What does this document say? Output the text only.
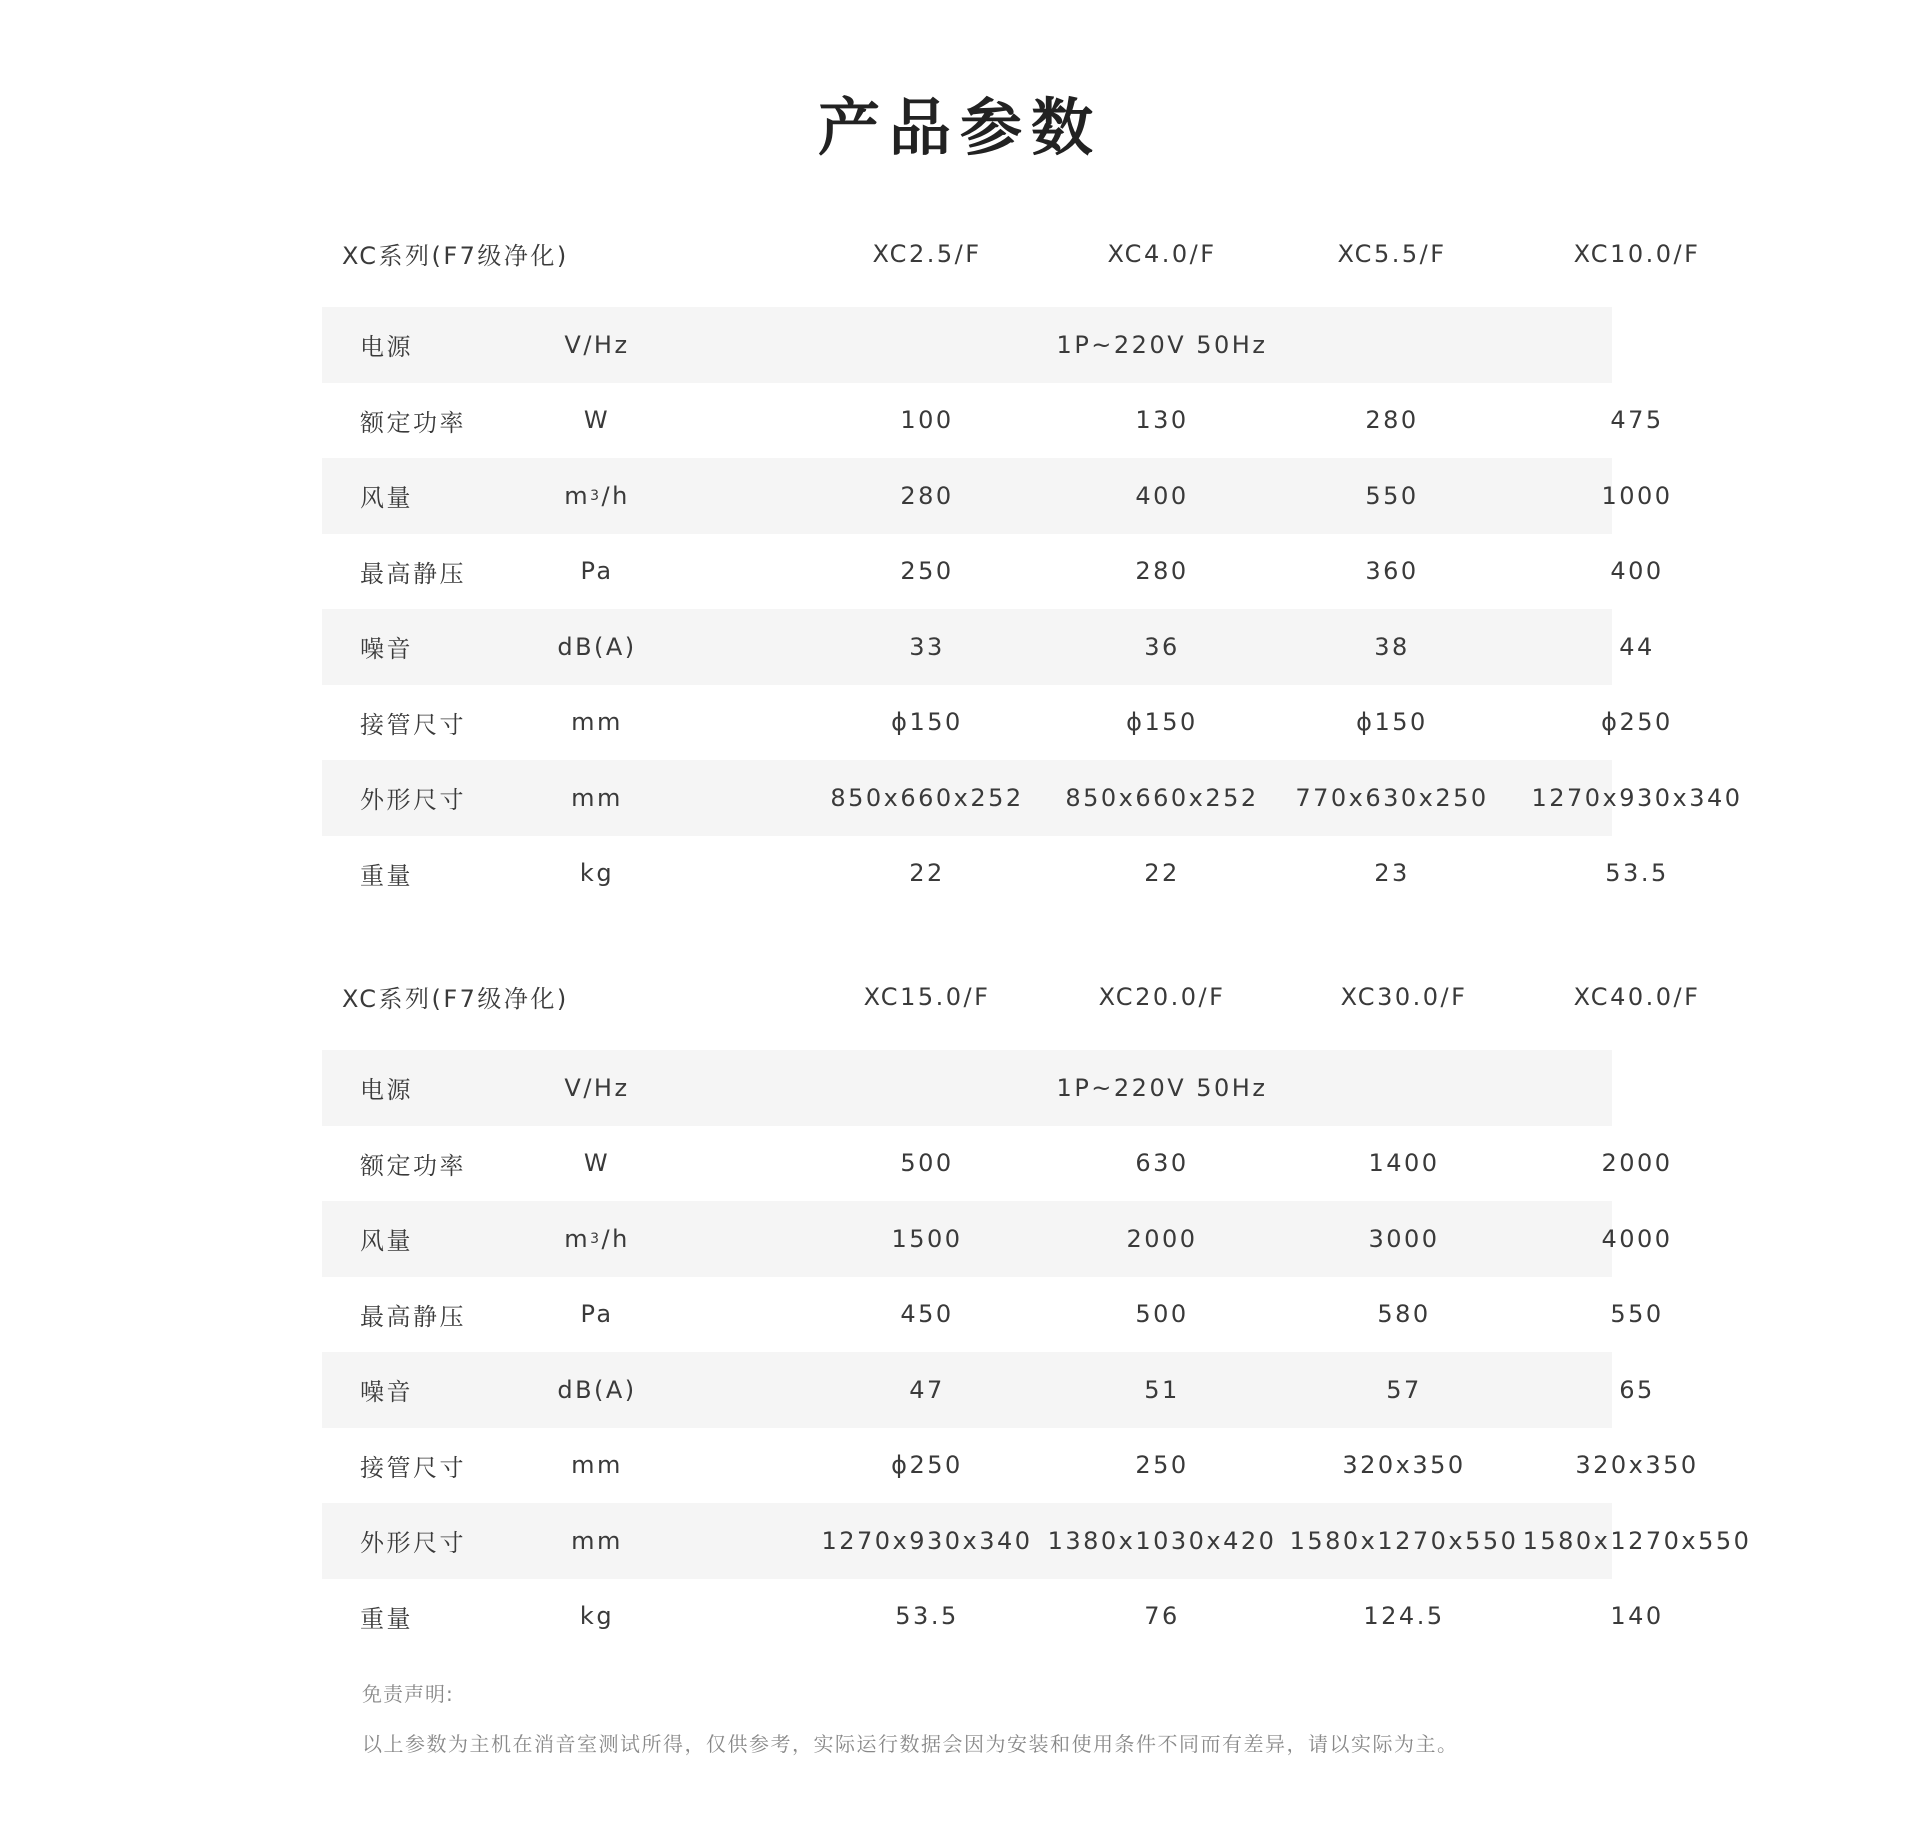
产品参数
XC系列(F7级净化)	XC2.5/F	XC4.0/F	XC5.5/F	XC10.0/F
电源	V/Hz	1P~220V 50Hz
额定功率	W	100	130	280	475
风量	m 3 /h	280	400	550	1000
最高静压	Pa	250	280	360	400
噪音	dB(A)	33	36	38	44
接管尺寸	mm	ϕ150	ϕ150	ϕ150	ϕ250
外形尺寸	mm	850x660x252 850x660x252	770x630x250	1270x930x340
重量	kg	22	22	23	53.5
XC系列(F7级净化)	XC15.0/F	XC20.0/F	XC30.0/F	XC40.0/F
电源	V/Hz	1P~220V 50Hz
额定功率	W	500	630	1400	2000
风量	m 3 /h	1500	2000	3000	4000
最高静压	Pa	450	500	580	550
噪音	dB(A)	47	51	57	65
接管尺寸	mm	ϕ250	250	320x350	320x350
外形尺寸	mm	1270x930x340 1380x1030x420 1580x1270x550 1580x1270x550
重量	kg	53.5	76	124.5	140
免责声明:
以上参数为主机在消音室测试所得，仅供参考，实际运行数据会因为安装和使用条件不同而有差异，请以实际为主。
